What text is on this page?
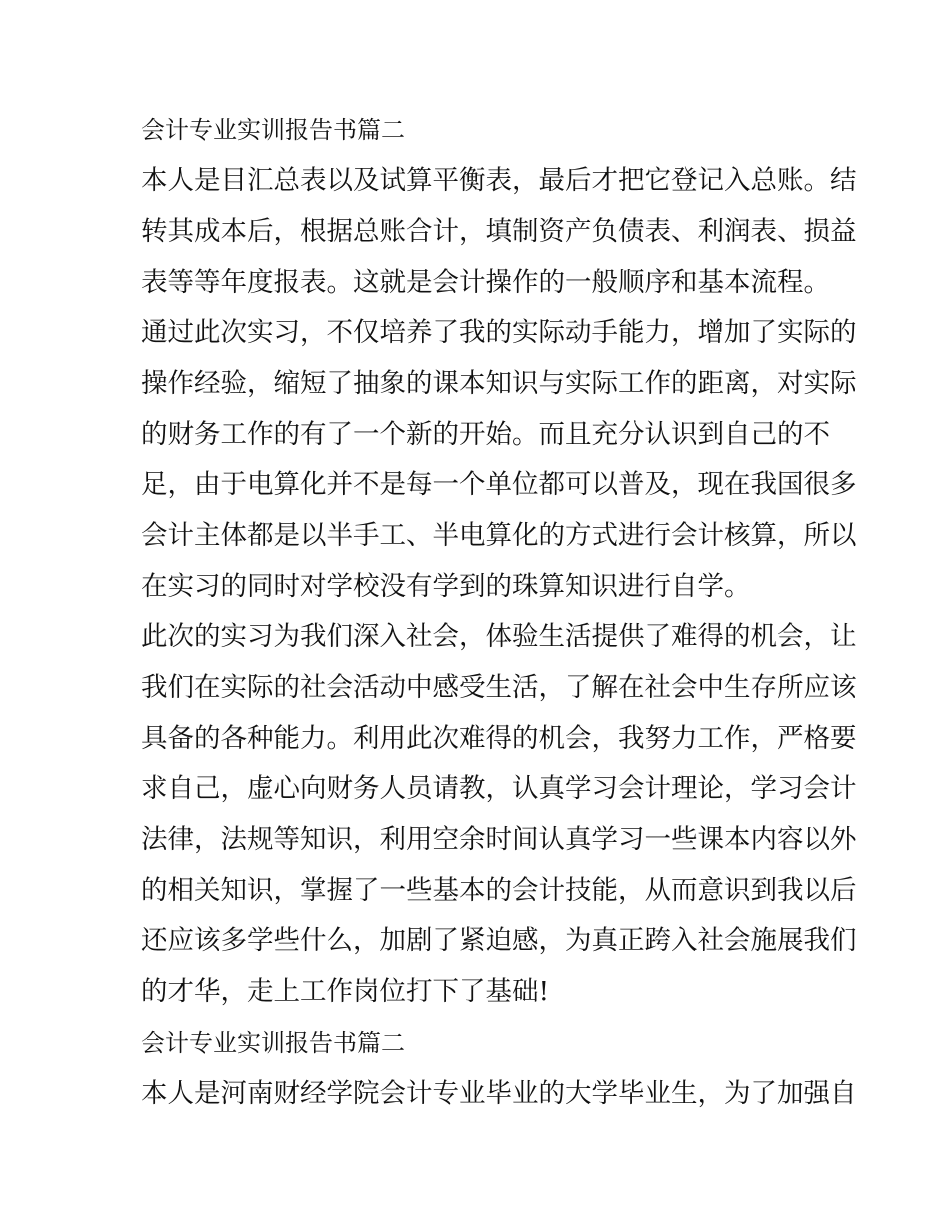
会计专业实训报告书篇二
本人是目汇总表以及试算平衡表，最后才把它登记入总账。结
转其成本后，根据总账合计，填制资产负债表、利润表、损益
表等等年度报表。这就是会计操作的一般顺序和基本流程。
通过此次实习，不仅培养了我的实际动手能力，增加了实际的
操作经验，缩短了抽象的课本知识与实际工作的距离，对实际
的财务工作的有了一个新的开始。而且充分认识到自己的不
足，由于电算化并不是每一个单位都可以普及，现在我国很多
会计主体都是以半手工、半电算化的方式进行会计核算，所以
在实习的同时对学校没有学到的珠算知识进行自学。
此次的实习为我们深入社会，体验生活提供了难得的机会，让
我们在实际的社会活动中感受生活，了解在社会中生存所应该
具备的各种能力。利用此次难得的机会，我努力工作，严格要
求自己，虚心向财务人员请教，认真学习会计理论，学习会计
法律，法规等知识，利用空余时间认真学习一些课本内容以外
的相关知识，掌握了一些基本的会计技能，从而意识到我以后
还应该多学些什么，加剧了紧迫感，为真正跨入社会施展我们
的才华，走上工作岗位打下了基础!
会计专业实训报告书篇二
本人是河南财经学院会计专业毕业的大学毕业生，为了加强自
